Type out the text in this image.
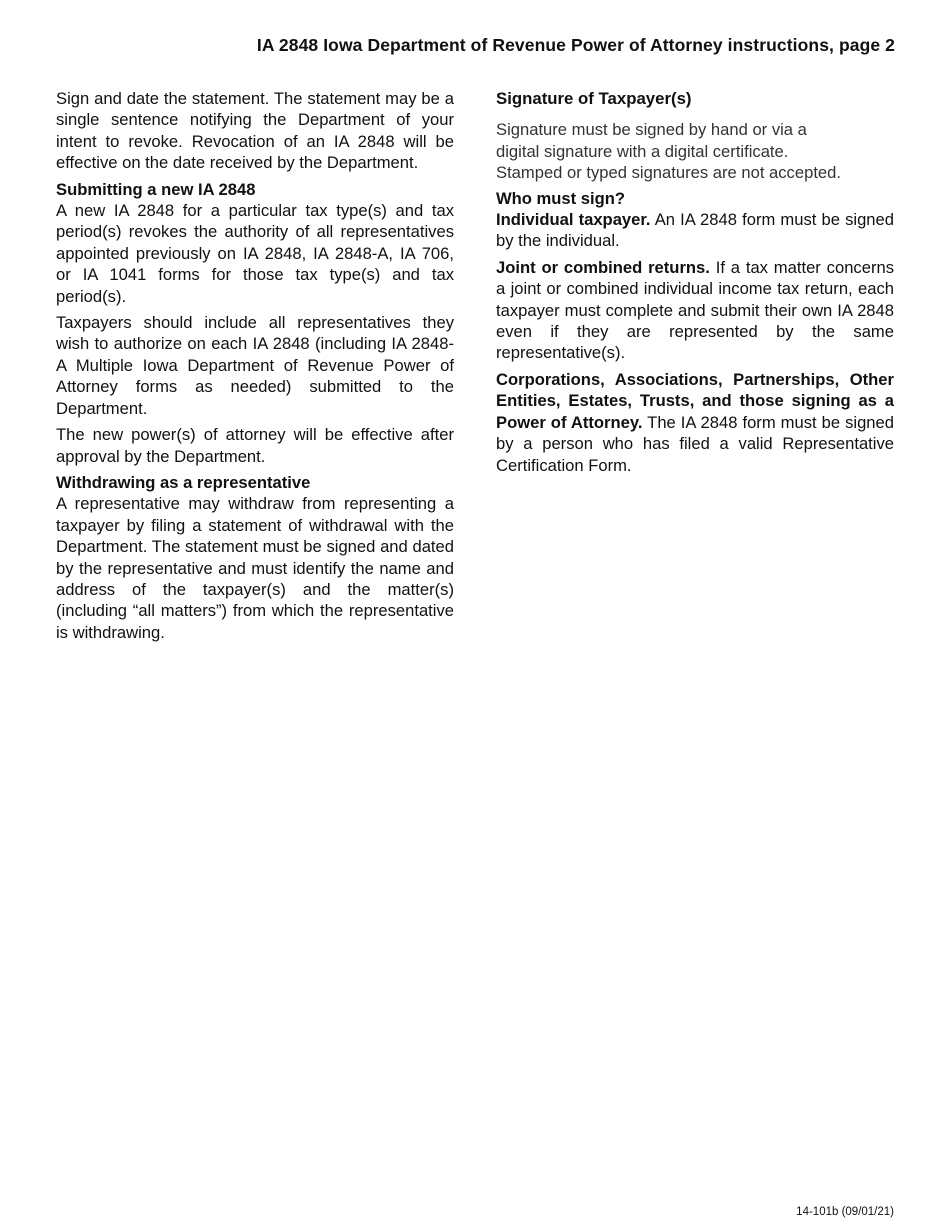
IA 2848 Iowa Department of Revenue Power of Attorney instructions, page 2

Sign and date the statement. The statement may be a single sentence notifying the Department of your intent to revoke. Revocation of an IA 2848 will be effective on the date received by the Department.

Submitting a new IA 2848

A new IA 2848 for a particular tax type(s) and tax period(s) revokes the authority of all representatives appointed previously on IA 2848, IA 2848-A, IA 706, or IA 1041 forms for those tax type(s) and tax period(s).

Taxpayers should include all representatives they wish to authorize on each IA 2848 (including IA 2848-A Multiple Iowa Department of Revenue Power of Attorney forms as needed) submitted to the Department.

The new power(s) of attorney will be effective after approval by the Department.

Withdrawing as a representative

A representative may withdraw from representing a taxpayer by filing a statement of withdrawal with the Department. The statement must be signed and dated by the representative and must identify the name and address of the taxpayer(s) and the matter(s) (including “all matters”) from which the representative is withdrawing.

Signature of Taxpayer(s)
Signature must be signed by hand or via a
digital signature with a digital certificate.
Stamped or typed signatures are not accepted.
Who must sign?

Individual taxpayer. An IA 2848 form must be signed by the individual.

Joint or combined returns. If a tax matter concerns a joint or combined individual income tax return, each taxpayer must complete and submit their own IA 2848 even if they are represented by the same representative(s).

Corporations, Associations, Partnerships, Other Entities, Estates, Trusts, and those signing as a Power of Attorney. The IA 2848 form must be signed by a person who has filed a valid Representative Certification Form.

14-101b (09/01/21)
